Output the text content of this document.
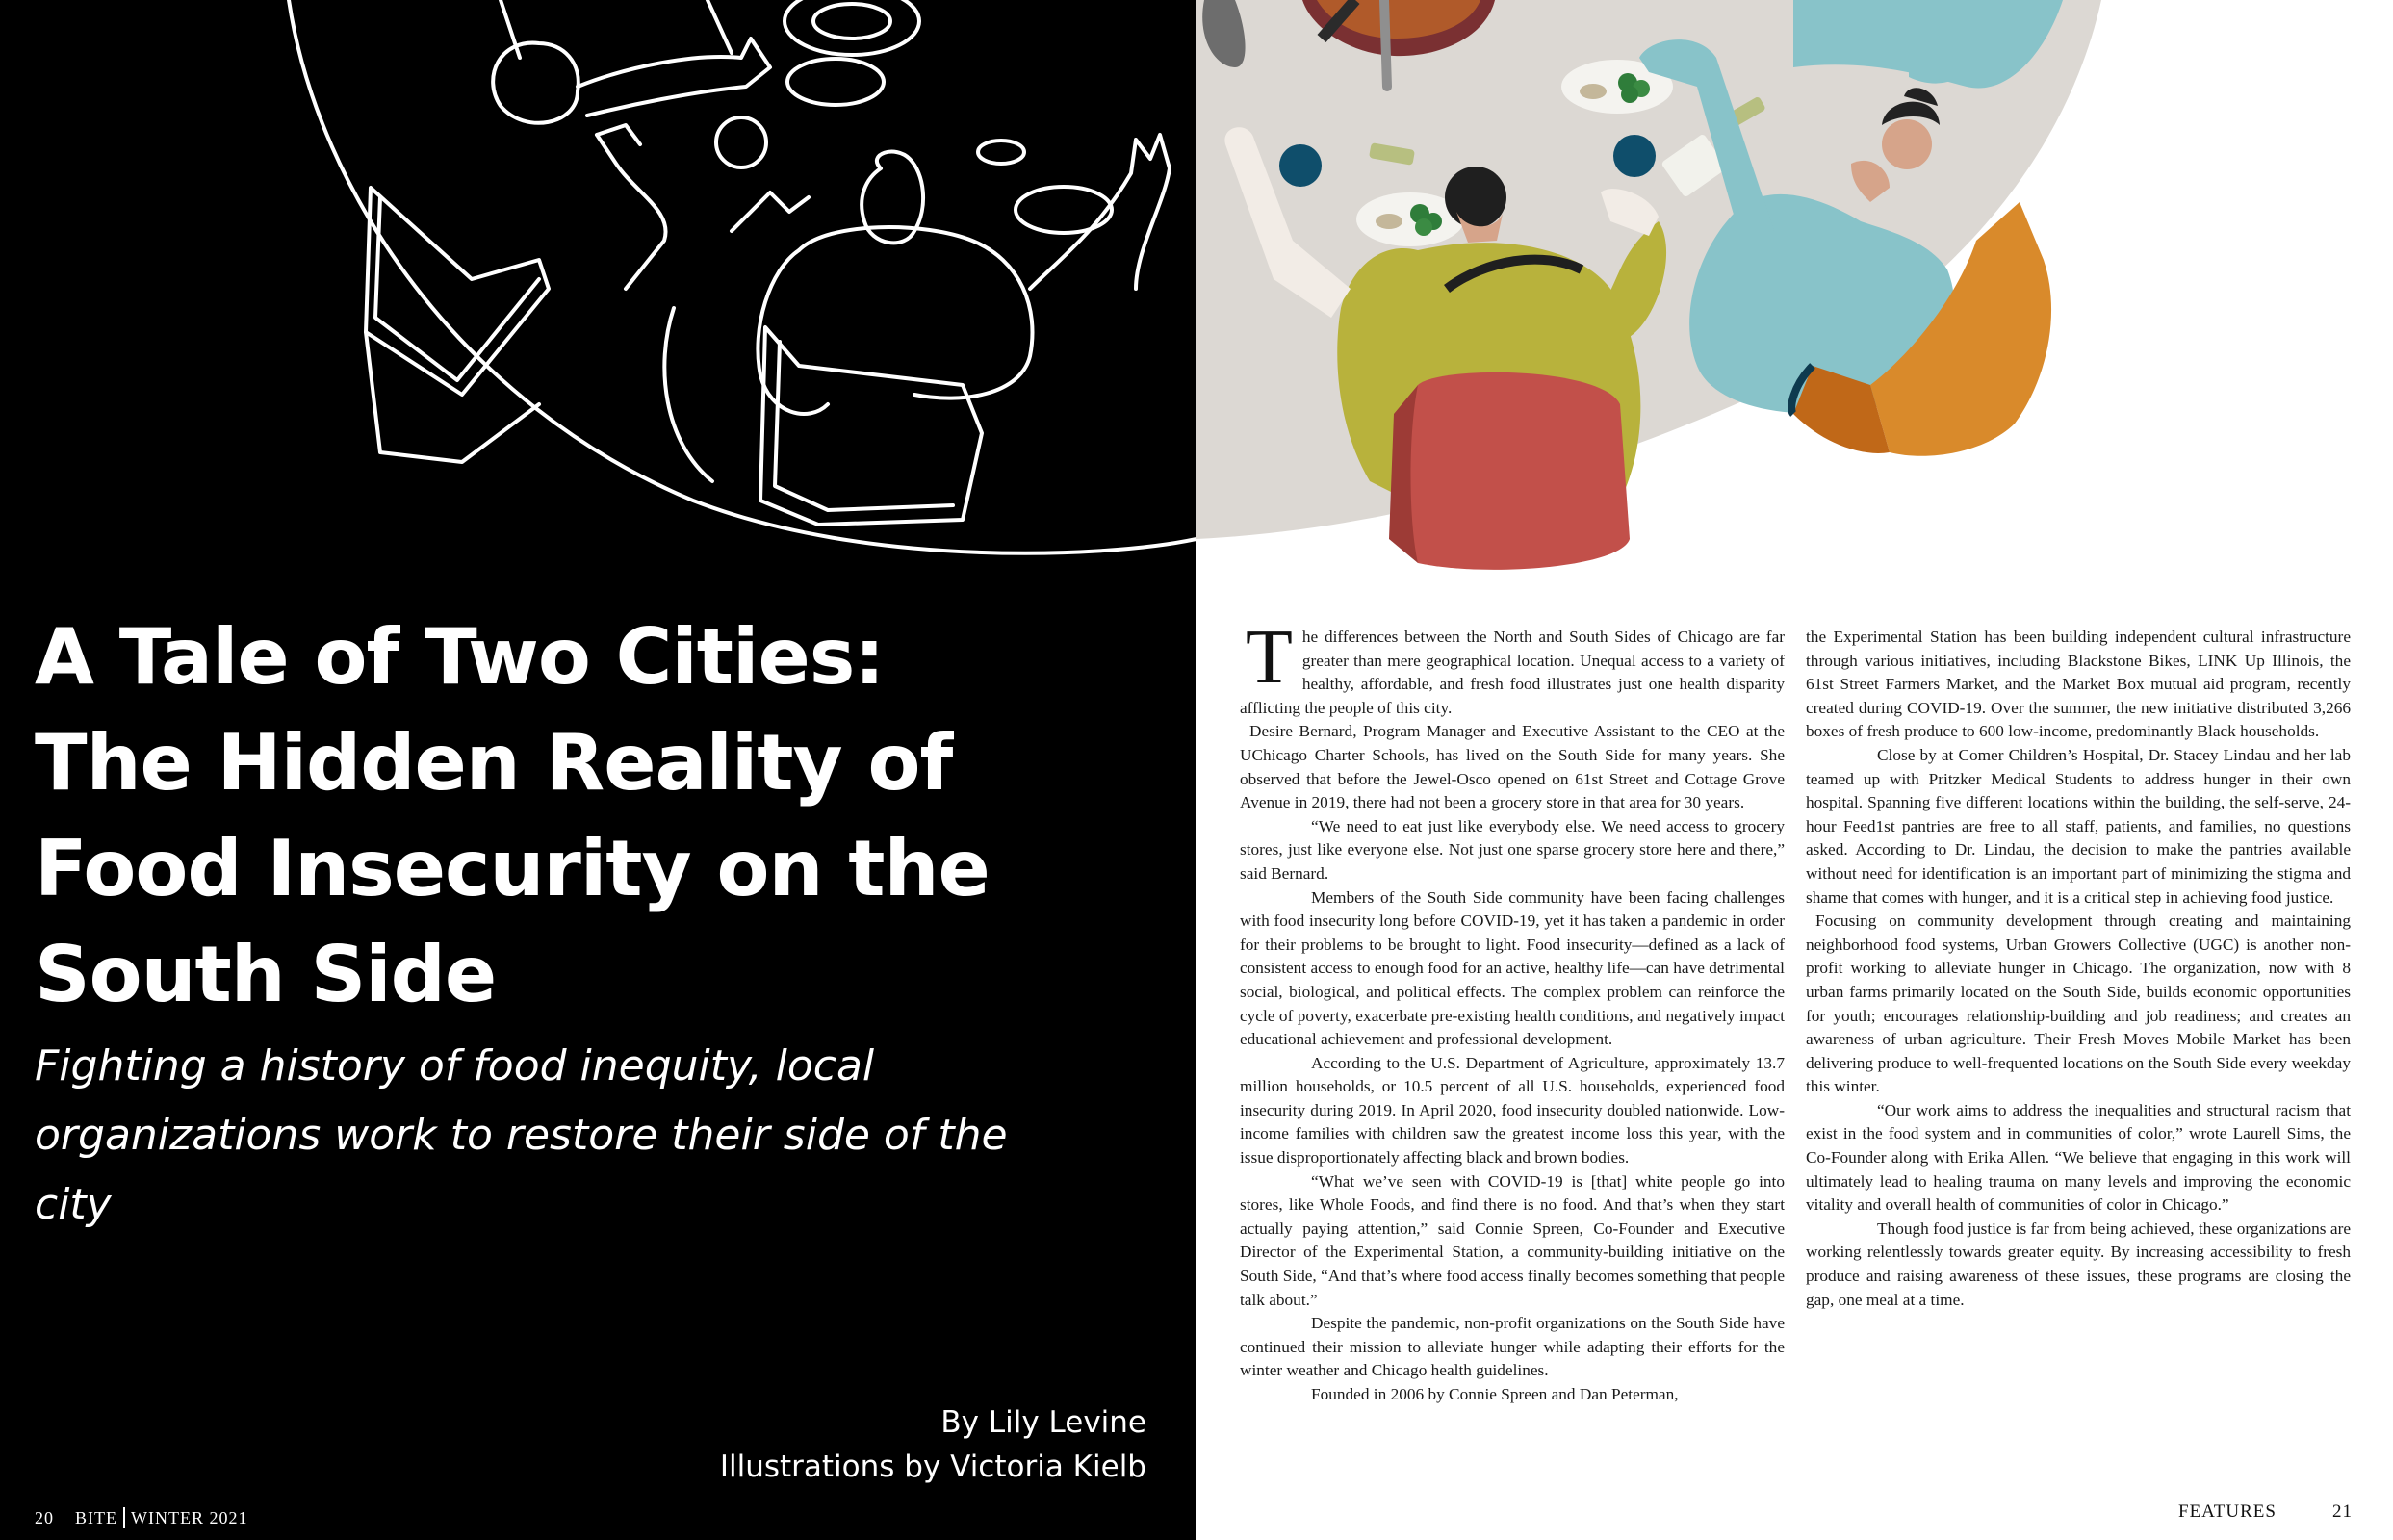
A Tale of Two Cities:
The Hidden Reality of
Food Insecurity on the
South Side
Fighting a history of food inequity, local
organizations work to restore their side of the city
By Lily Levine
Illustrations by Victoria Kielb
20 BITE WINTER 2021
T he differences between the North and South Sides of Chicago are far greater than mere geographical location. Unequal access to a variety of healthy, affordable, and fresh food illustrates just one health disparity afflicting the people of this city.

Desire Bernard, Program Manager and Executive Assistant to the CEO at the UChicago Charter Schools, has lived on the South Side for many years. She observed that before the Jewel-Osco opened on 61st Street and Cottage Grove Avenue in 2019, there had not been a grocery store in that area for 30 years.

“We need to eat just like everybody else. We need access to grocery stores, just like everyone else. Not just one sparse grocery store here and there,” said Bernard.

Members of the South Side community have been facing challenges with food insecurity long before COVID-19, yet it has taken a pandemic in order for their problems to be brought to light. Food insecurity—defined as a lack of consistent access to enough food for an active, healthy life—can have detrimental social, biological, and political effects. The complex problem can reinforce the cycle of poverty, exacerbate pre-existing health conditions, and negatively impact educational achievement and professional development.

According to the U.S. Department of Agriculture, approximately 13.7 million households, or 10.5 percent of all U.S. households, experienced food insecurity during 2019. In April 2020, food insecurity doubled nationwide. Low-income families with children saw the greatest income loss this year, with the issue disproportionately affecting black and brown bodies.

“What we’ve seen with COVID-19 is [that] white people go into stores, like Whole Foods, and find there is no food. And that’s when they start actually paying attention,” said Connie Spreen, Co-Founder and Executive Director of the Experimental Station, a community-building initiative on the South Side, “And that’s where food access finally becomes something that people talk about.”

Despite the pandemic, non-profit organizations on the South Side have continued their mission to alleviate hunger while adapting their efforts for the winter weather and Chicago health guidelines.

Founded in 2006 by Connie Spreen and Dan Peterman,

the Experimental Station has been building independent cultural infrastructure through various initiatives, including Blackstone Bikes, LINK Up Illinois, the 61st Street Farmers Market, and the Market Box mutual aid program, recently created during COVID-19. Over the summer, the new initiative distributed 3,266 boxes of fresh produce to 600 low-income, predominantly Black households.

Close by at Comer Children’s Hospital, Dr. Stacey Lindau and her lab teamed up with Pritzker Medical Students to address hunger in their own hospital. Spanning five different locations within the building, the self-serve, 24-hour Feed1st pantries are free to all staff, patients, and families, no questions asked. According to Dr. Lindau, the decision to make the pantries available without need for identification is an important part of minimizing the stigma and shame that comes with hunger, and it is a critical step in achieving food justice.

Focusing on community development through creating and maintaining neighborhood food systems, Urban Growers Collective (UGC) is another non-profit working to alleviate hunger in Chicago. The organization, now with 8 urban farms primarily located on the South Side, builds economic opportunities for youth; encourages relationship-building and job readiness; and creates an awareness of urban agriculture. Their Fresh Moves Mobile Market has been delivering produce to well-frequented locations on the South Side every weekday this winter.

“Our work aims to address the inequalities and structural racism that exist in the food system and in communities of color,” wrote Laurell Sims, the Co-Founder along with Erika Allen. “We believe that engaging in this work will ultimately lead to healing trauma on many levels and improving the economic vitality and overall health of communities of color in Chicago.”

Though food justice is far from being achieved, these organizations are working relentlessly towards greater equity. By increasing accessibility to fresh produce and raising awareness of these issues, these programs are closing the gap, one meal at a time.

FEATURES	21
